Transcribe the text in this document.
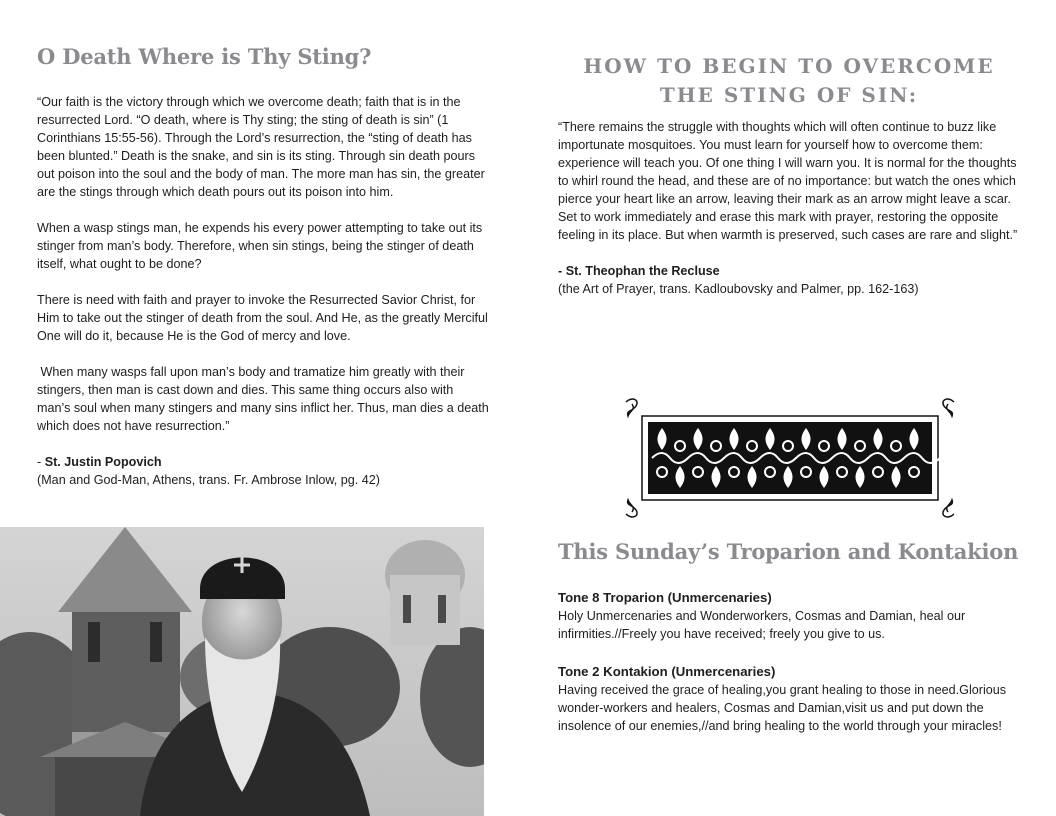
O Death Where is Thy Sting?

“Our faith is the victory through which we overcome death; faith that is in the resurrected Lord. “O death, where is Thy sting; the sting of death is sin” (1 Corinthians 15:55-56). Through the Lord’s resurrection, the “sting of death has been blunted.” Death is the snake, and sin is its sting. Through sin death pours out poison into the soul and the body of man. The more man has sin, the greater are the stings through which death pours out its poison into him.

When a wasp stings man, he expends his every power attempting to take out its stinger from man’s body. Therefore, when sin stings, being the stinger of death itself, what ought to be done?

There is need with faith and prayer to invoke the Resurrected Savior Christ, for Him to take out the stinger of death from the soul. And He, as the greatly Merciful One will do it, because He is the God of mercy and love.

When many wasps fall upon man’s body and tramatize him greatly with their stingers, then man is cast down and dies. This same thing occurs also with man’s soul when many stingers and many sins inflict her. Thus, man dies a death which does not have resurrection.”

- St. Justin Popovich

(Man and God-Man, Athens, trans. Fr. Ambrose Inlow, pg. 42)

HOW TO BEGIN TO OVERCOME THE STING OF SIN:

“There remains the struggle with thoughts which will often continue to buzz like importunate mosquitoes. You must learn for yourself how to overcome them: experience will teach you. Of one thing I will warn you. It is normal for the thoughts to whirl round the head, and these are of no importance: but watch the ones which pierce your heart like an arrow, leaving their mark as an arrow might leave a scar. Set to work immediately and erase this mark with prayer, restoring the opposite feeling in its place. But when warmth is preserved, such cases are rare and slight.”

- St. Theophan the Recluse

(the Art of Prayer, trans. Kadloubovsky and Palmer, pp. 162-163)

This Sunday’s Troparion and Kontakion

Tone 8 Troparion (Unmercenaries)

Holy Unmercenaries and Wonderworkers, Cosmas and Damian, heal our infirmities.//Freely you have received; freely you give to us.

Tone 2 Kontakion (Unmercenaries)

Having received the grace of healing,you grant healing to those in need.Glorious wonder-workers and healers, Cosmas and Damian,visit us and put down the insolence of our enemies,//and bring healing to the world through your miracles!
